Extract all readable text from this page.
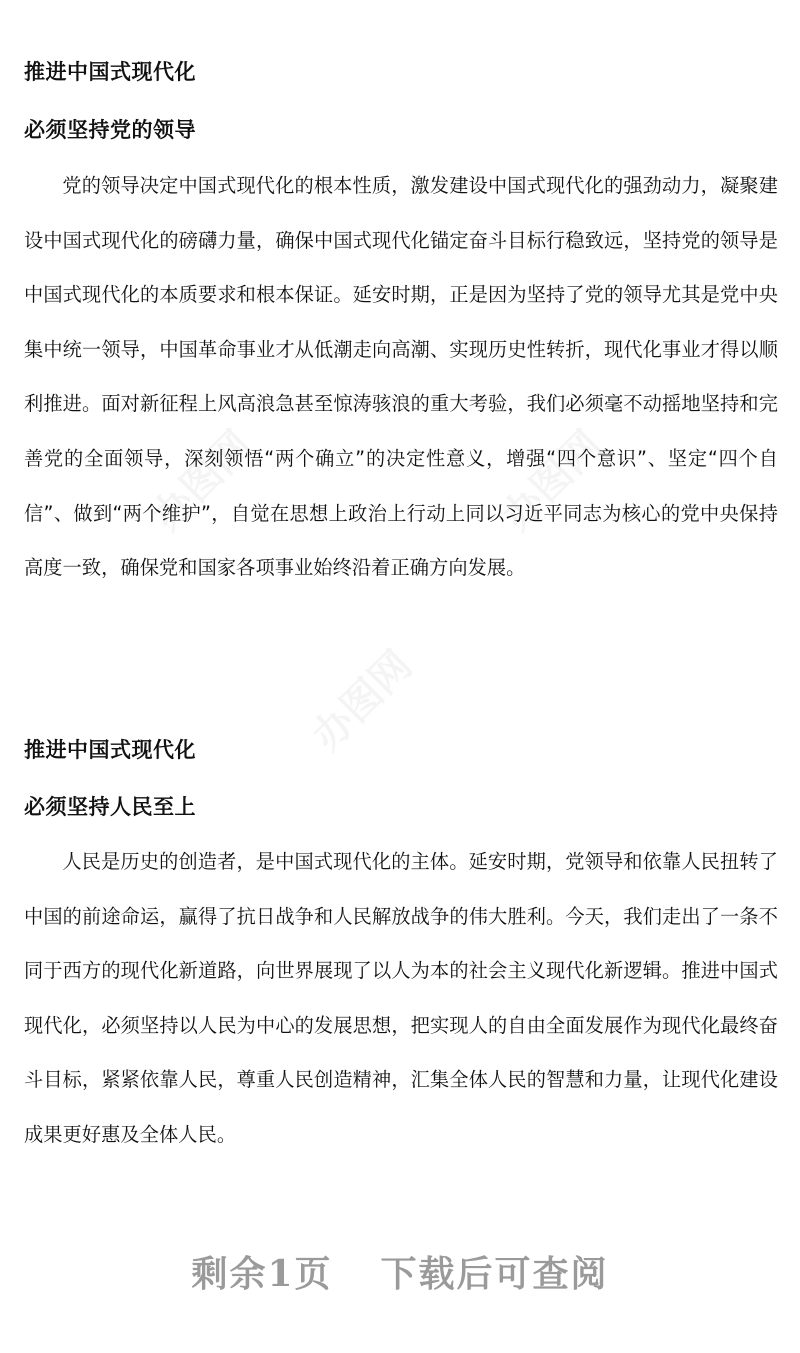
推进中国式现代化
必须坚持党的领导

党的领导决定中国式现代化的根本性质，激发建设中国式现代化的强劲动力，凝聚建设中国式现代化的磅礴力量，确保中国式现代化锚定奋斗目标行稳致远，坚持党的领导是中国式现代化的本质要求和根本保证。延安时期，正是因为坚持了党的领导尤其是党中央集中统一领导，中国革命事业才从低潮走向高潮、实现历史性转折，现代化事业才得以顺利推进。面对新征程上风高浪急甚至惊涛骇浪的重大考验，我们必须毫不动摇地坚持和完善党的全面领导，深刻领悟“两个确立”的决定性意义，增强“四个意识”、坚定“四个自信”、做到“两个维护”，自觉在思想上政治上行动上同以习近平同志为核心的党中央保持高度一致，确保党和国家各项事业始终沿着正确方向发展。

推进中国式现代化
必须坚持人民至上

人民是历史的创造者，是中国式现代化的主体。延安时期，党领导和依靠人民扭转了中国的前途命运，赢得了抗日战争和人民解放战争的伟大胜利。今天，我们走出了一条不同于西方的现代化新道路，向世界展现了以人为本的社会主义现代化新逻辑。推进中国式现代化，必须坚持以人民为中心的发展思想，把实现人的自由全面发展作为现代化最终奋斗目标，紧紧依靠人民，尊重人民创造精神，汇集全体人民的智慧和力量，让现代化建设成果更好惠及全体人民。

剩余1页 下载后可查阅
